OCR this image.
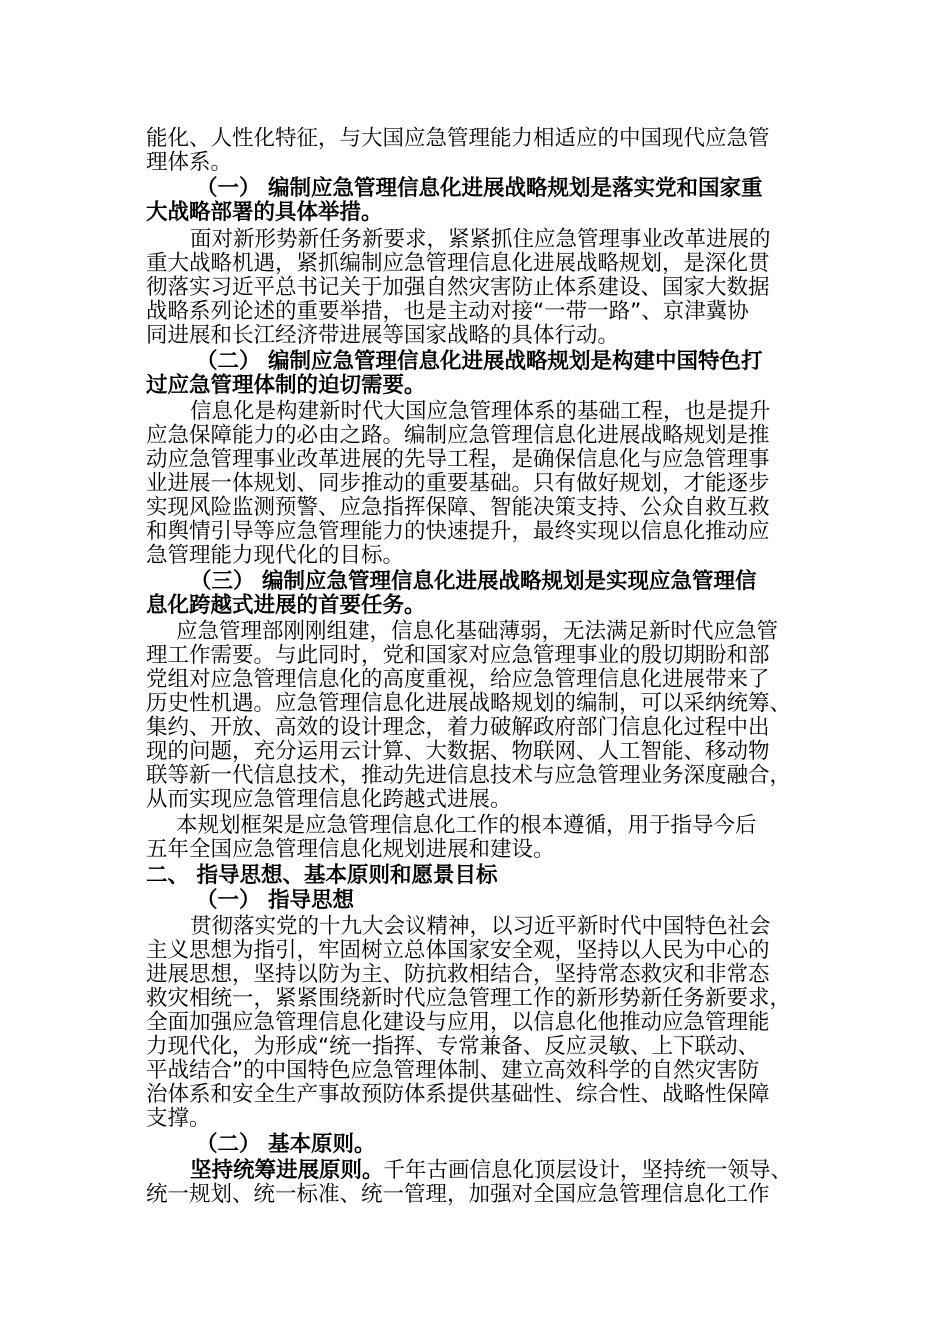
能化、人性化特征，与大国应急管理能力相适应的中国现代应急管

理体系。

（一） 编制应急管理信息化进展战略规划是落实党和国家重

大战略部署的具体举措。

面对新形势新任务新要求，紧紧抓住应急管理事业改革进展的

重大战略机遇，紧抓编制应急管理信息化进展战略规划，是深化贯

彻落实习近平总书记关于加强自然灾害防止体系建设、国家大数据

战略系列论述的重要举措，也是主动对接“一带一路”、京津冀协

同进展和长江经济带进展等国家战略的具体行动。

（二） 编制应急管理信息化进展战略规划是构建中国特色打

过应急管理体制的迫切需要。

信息化是构建新时代大国应急管理体系的基础工程，也是提升

应急保障能力的必由之路。编制应急管理信息化进展战略规划是推

动应急管理事业改革进展的先导工程，是确保信息化与应急管理事

业进展一体规划、同步推动的重要基础。只有做好规划，才能逐步

实现风险监测预警、应急指挥保障、智能决策支持、公众自救互救

和舆情引导等应急管理能力的快速提升，最终实现以信息化推动应

急管理能力现代化的目标。

（三） 编制应急管理信息化进展战略规划是实现应急管理信

息化跨越式进展的首要任务。

应急管理部刚刚组建，信息化基础薄弱，无法满足新时代应急管

理工作需要。与此同时，党和国家对应急管理事业的殷切期盼和部

党组对应急管理信息化的高度重视，给应急管理信息化进展带来了

历史性机遇。应急管理信息化进展战略规划的编制，可以采纳统筹、

集约、开放、高效的设计理念，着力破解政府部门信息化过程中出

现的问题，充分运用云计算、大数据、物联网、人工智能、移动物

联等新一代信息技术，推动先进信息技术与应急管理业务深度融合，

从而实现应急管理信息化跨越式进展。

本规划框架是应急管理信息化工作的根本遵循，用于指导今后

五年全国应急管理信息化规划进展和建设。

二、 指导思想、基本原则和愿景目标

（一） 指导思想

贯彻落实党的十九大会议精神，以习近平新时代中国特色社会

主义思想为指引，牢固树立总体国家安全观，坚持以人民为中心的

进展思想，坚持以防为主、防抗救相结合，坚持常态救灾和非常态

救灾相统一，紧紧围绕新时代应急管理工作的新形势新任务新要求，

全面加强应急管理信息化建设与应用，以信息化他推动应急管理能

力现代化，为形成“统一指挥、专常兼备、反应灵敏、上下联动、

平战结合”的中国特色应急管理体制、建立高效科学的自然灾害防

治体系和安全生产事故预防体系提供基础性、综合性、战略性保障

支撑。

（二） 基本原则。

坚持统筹进展原则。千年古画信息化顶层设计，坚持统一领导、

统一规划、统一标准、统一管理，加强对全国应急管理信息化工作
